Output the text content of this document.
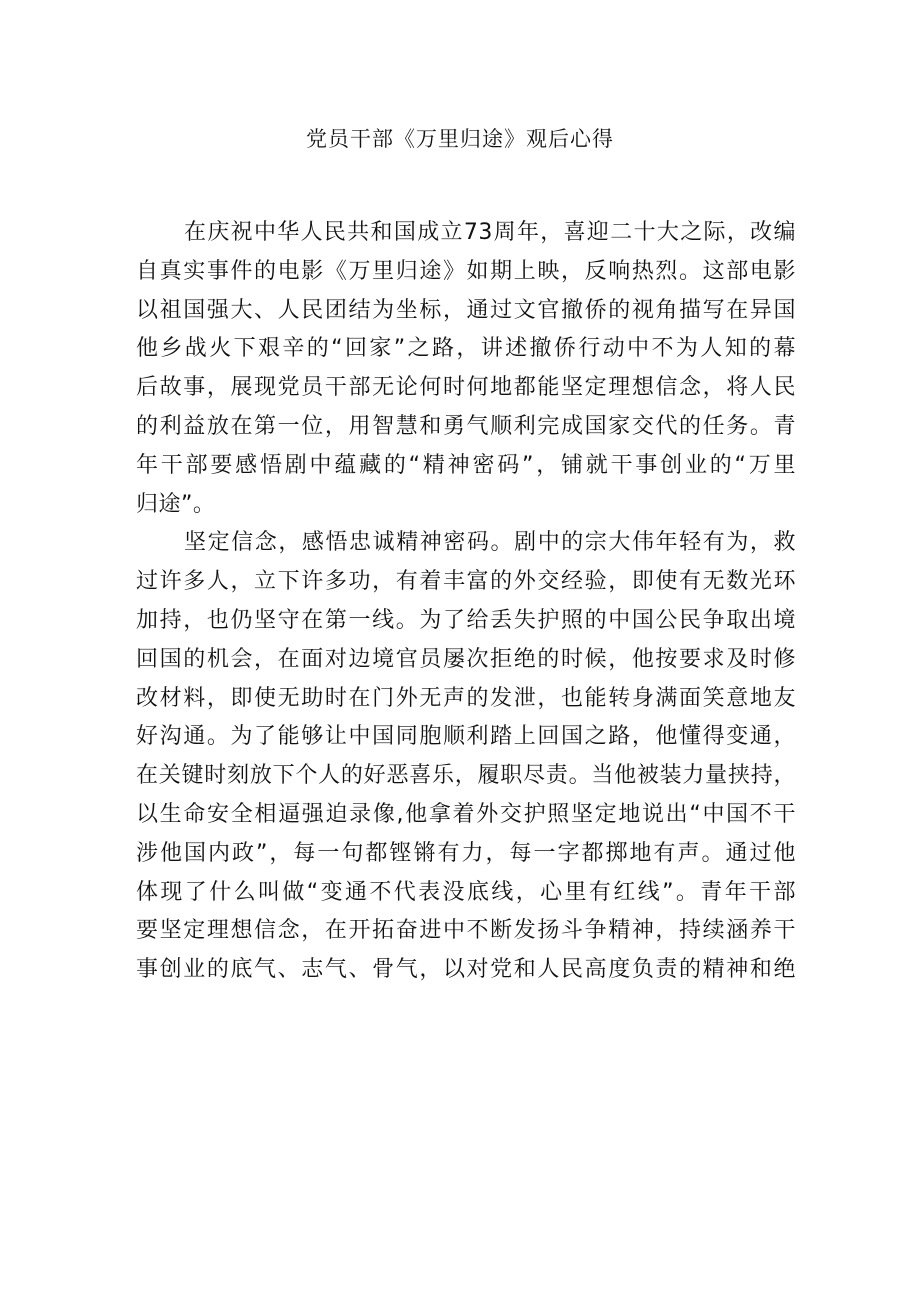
党员干部《万里归途》观后心得
在庆祝中华人民共和国成立73周年，喜迎二十大之际，改编
自真实事件的电影《万里归途》如期上映，反响热烈。这部电影
以祖国强大、人民团结为坐标，通过文官撤侨的视角描写在异国
他乡战火下艰辛的“回家”之路，讲述撤侨行动中不为人知的幕
后故事，展现党员干部无论何时何地都能坚定理想信念，将人民
的利益放在第一位，用智慧和勇气顺利完成国家交代的任务。青
年干部要感悟剧中蕴藏的“精神密码”，铺就干事创业的“万里
归途”。
坚定信念，感悟忠诚精神密码。剧中的宗大伟年轻有为，救
过许多人，立下许多功，有着丰富的外交经验，即使有无数光环
加持，也仍坚守在第一线。为了给丢失护照的中国公民争取出境
回国的机会，在面对边境官员屡次拒绝的时候，他按要求及时修
改材料，即使无助时在门外无声的发泄，也能转身满面笑意地友
好沟通。为了能够让中国同胞顺利踏上回国之路，他懂得变通，
在关键时刻放下个人的好恶喜乐，履职尽责。当他被装力量挟持，
以生命安全相逼强迫录像,他拿着外交护照坚定地说出“中国不干
涉他国内政”，每一句都铿锵有力，每一字都掷地有声。通过他
体现了什么叫做“变通不代表没底线，心里有红线”。青年干部
要坚定理想信念，在开拓奋进中不断发扬斗争精神，持续涵养干
事创业的底气、志气、骨气，以对党和人民高度负责的精神和绝
